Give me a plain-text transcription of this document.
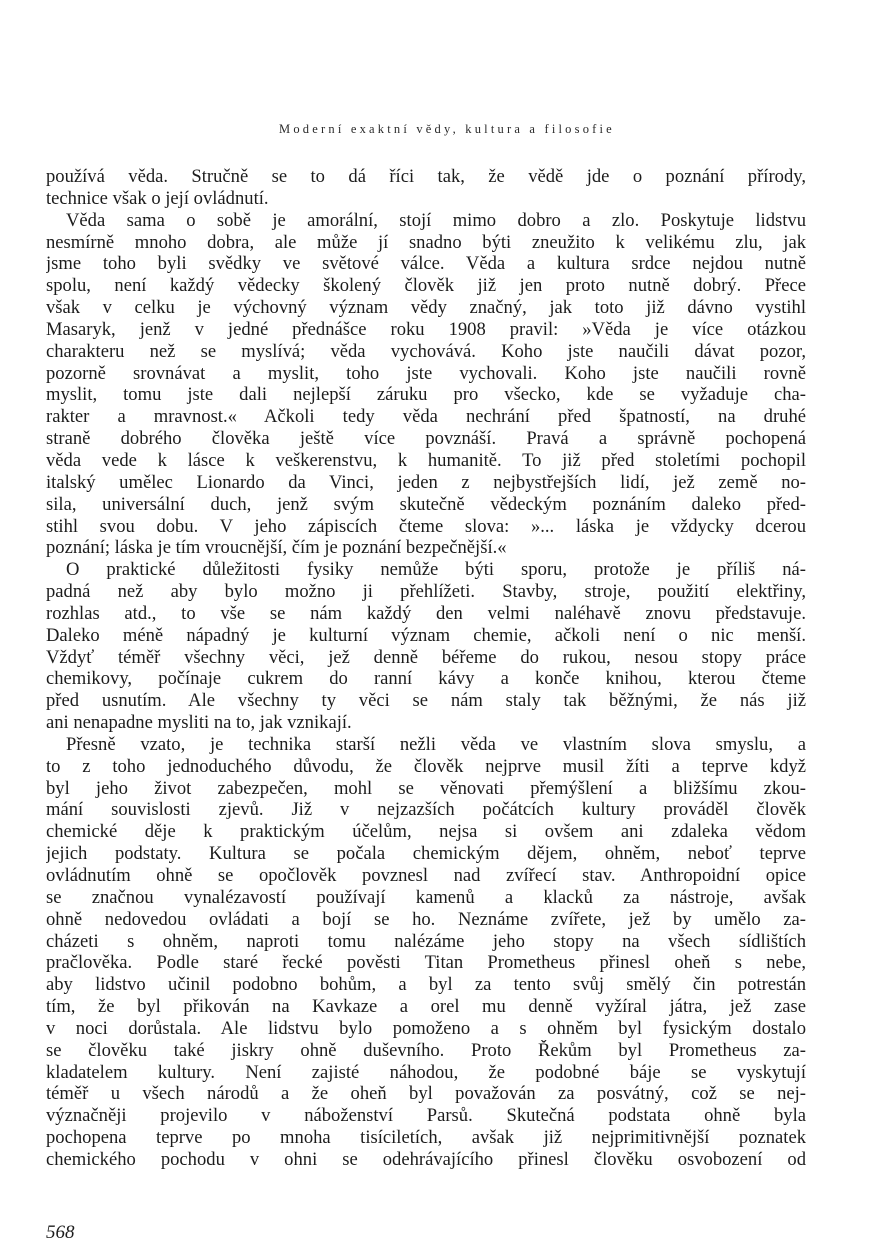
Moderní exaktní vědy, kultura a filosofie
používá věda. Stručně se to dá říci tak, že vědě jde o poznání přírody,
technice však o její ovládnutí.
Věda sama o sobě je amorální, stojí mimo dobro a zlo. Poskytuje lidstvu
nesmírně mnoho dobra, ale může jí snadno býti zneužito k velikému zlu, jak
jsme toho byli svědky ve světové válce. Věda a kultura srdce nejdou nutně
spolu, není každý vědecky školený člověk již jen proto nutně dobrý. Přece
však v celku je výchovný význam vědy značný, jak toto již dávno vystihl
Masaryk, jenž v jedné přednášce roku 1908 pravil: »Věda je více otázkou
charakteru než se myslívá; věda vychovává. Koho jste naučili dávat pozor,
pozorně srovnávat a myslit, toho jste vychovali. Koho jste naučili rovně
myslit, tomu jste dali nejlepší záruku pro všecko, kde se vyžaduje cha-
rakter a mravnost.« Ačkoli tedy věda nechrání před špatností, na druhé
straně dobrého člověka ještě více povznáší. Pravá a správně pochopená
věda vede k lásce k veškerenstvu, k humanitě. To již před stoletími pochopil
italský umělec Lionardo da Vinci, jeden z nejbystřejších lidí, jež země no-
sila, universální duch, jenž svým skutečně vědeckým poznáním daleko před-
stihl svou dobu. V jeho zápiscích čteme slova: »... láska je vždycky dcerou
poznání; láska je tím vroucnější, čím je poznání bezpečnější.«
O praktické důležitosti fysiky nemůže býti sporu, protože je příliš ná-
padná než aby bylo možno ji přehlížeti. Stavby, stroje, použití elektřiny,
rozhlas atd., to vše se nám každý den velmi naléhavě znovu představuje.
Daleko méně nápadný je kulturní význam chemie, ačkoli není o nic menší.
Vždyť téměř všechny věci, jež denně béřeme do rukou, nesou stopy práce
chemikovy, počínaje cukrem do ranní kávy a konče knihou, kterou čteme
před usnutím. Ale všechny ty věci se nám staly tak běžnými, že nás již
ani nenapadne mysliti na to, jak vznikají.
Přesně vzato, je technika starší nežli věda ve vlastním slova smyslu, a
to z toho jednoduchého důvodu, že člověk nejprve musil žíti a teprve když
byl jeho život zabezpečen, mohl se věnovati přemýšlení a bližšímu zkou-
mání souvislosti zjevů. Již v nejzazších počátcích kultury prováděl člověk
chemické děje k praktickým účelům, nejsa si ovšem ani zdaleka vědom
jejich podstaty. Kultura se počala chemickým dějem, ohněm, neboť teprve
ovládnutím ohně se opočlověk povznesl nad zvířecí stav. Anthropoidní opice
se značnou vynalézavostí používají kamenů a klacků za nástroje, avšak
ohně nedovedou ovládati a bojí se ho. Neznáme zvířete, jež by umělo za-
cházeti s ohněm, naproti tomu nalézáme jeho stopy na všech sídlištích
pračlověka. Podle staré řecké pověsti Titan Prometheus přinesl oheň s nebe,
aby lidstvo učinil podobno bohům, a byl za tento svůj smělý čin potrestán
tím, že byl přikován na Kavkaze a orel mu denně vyžíral játra, jež zase
v noci dorůstala. Ale lidstvu bylo pomoženo a s ohněm byl fysickým dostalo
se člověku také jiskry ohně duševního. Proto Řekům byl Prometheus za-
kladatelem kultury. Není zajisté náhodou, že podobné báje se vyskytují
téměř u všech národů a že oheň byl považován za posvátný, což se nej-
význačněji projevilo v náboženství Parsů. Skutečná podstata ohně byla
pochopena teprve po mnoha tisíciletích, avšak již nejprimitivnější poznatek
chemického pochodu v ohni se odehrávajícího přinesl člověku osvobození od
568
